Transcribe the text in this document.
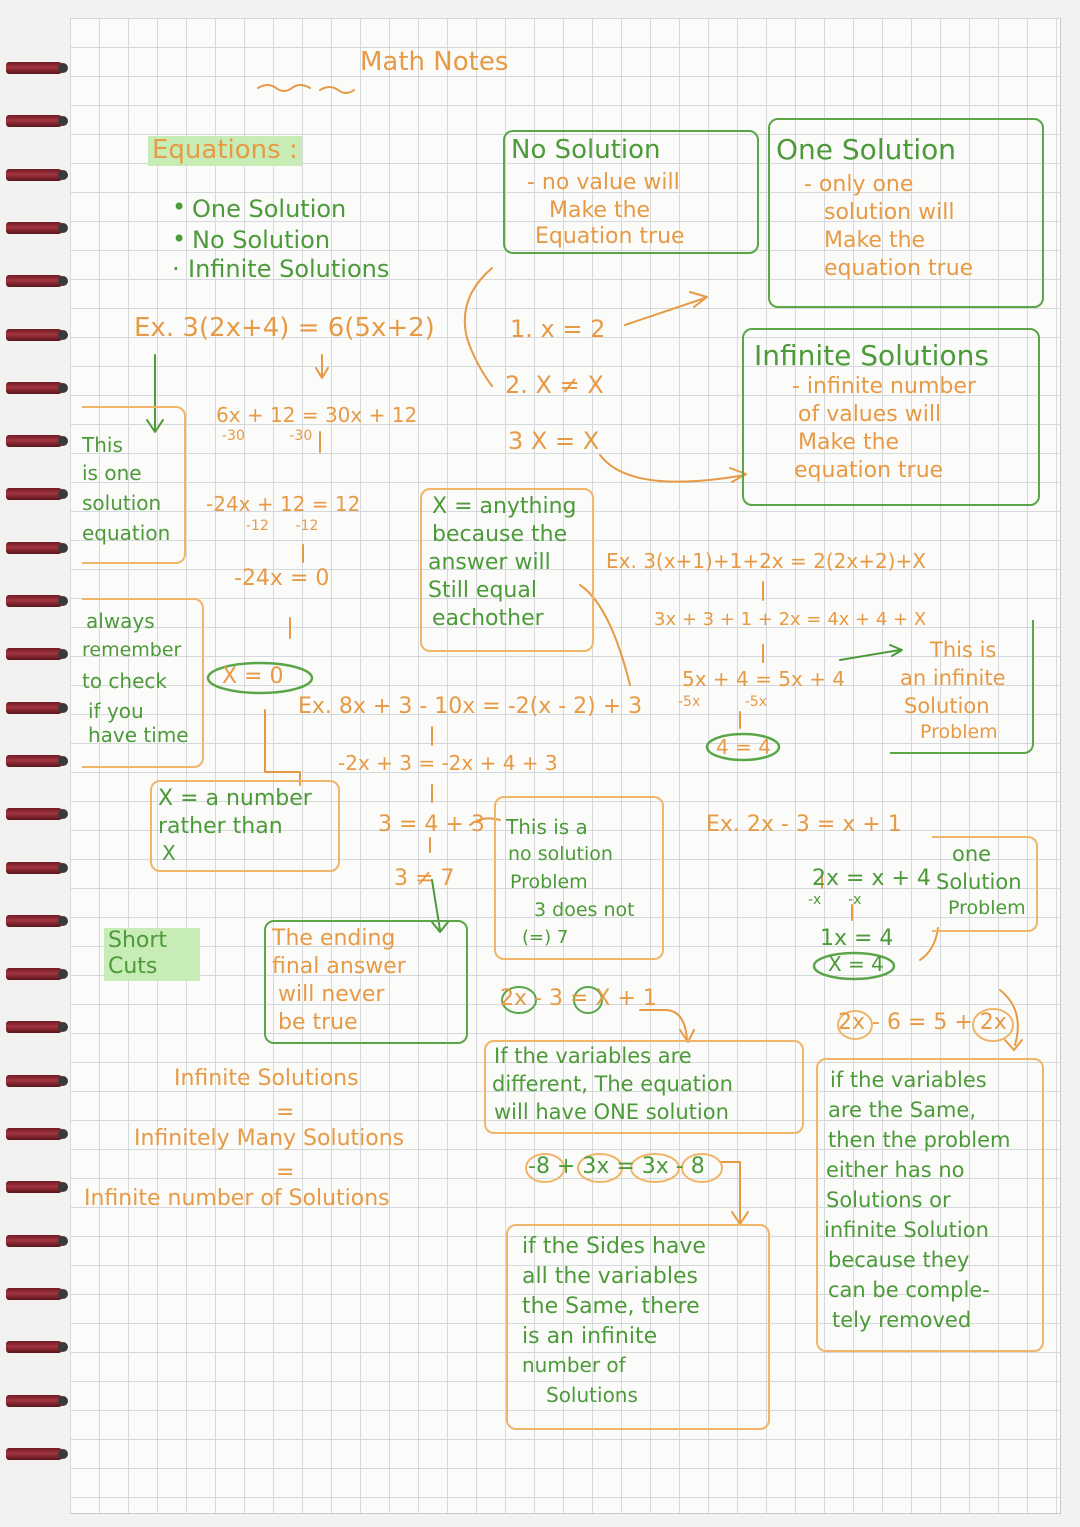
Math Notes
Equations :
• One Solution
• No Solution
· Infinite Solutions
No Solution
- no value will
Make the
Equation true
One Solution
- only one
solution will
Make the
equation true
Infinite Solutions
- infinite number
of values will
Make the
equation true
Ex. 3(2x+4) = 6(5x+2)
6x + 12 = 30x + 12
-30          -30
-24x + 12 = 12
-12      -12
-24x = 0
X = 0
This
is one
solution
equation
always
remember
to check
if you
have time
X = a number
rather than
X
1. x = 2
2. X ≠ X
3 X = X
X = anything
because the
answer will
Still equal
eachother
Ex. 3(x+1)+1+2x = 2(2x+2)+X
3x + 3 + 1 + 2x = 4x + 4 + X
5x + 4 = 5x + 4
-5x          -5x
4 = 4
This is
an infinite
Solution
Problem
Ex. 8x + 3 - 10x = -2(x - 2) + 3
-2x + 3 = -2x + 4 + 3
3 = 4 + 3
3 ≠ 7
This is a
no solution
Problem
3 does not
(=) 7
The ending
final answer
will never
be true
Ex. 2x - 3 = x + 1
2x = x + 4
-x      -x
1x = 4
X = 4
one
Solution
Problem
Short Cuts
2x - 3 = X + 1
If the variables are
different, The equation
will have ONE solution
-8 + 3x = 3x - 8
if the Sides have
all the variables
the Same, there
is an infinite
number of
Solutions
2x - 6 = 5 + 2x
if the variables
are the Same,
then the problem
either has no
Solutions or
infinite Solution
because they
can be comple-
tely removed
Infinite Solutions
=
Infinitely Many Solutions
=
Infinite number of Solutions
